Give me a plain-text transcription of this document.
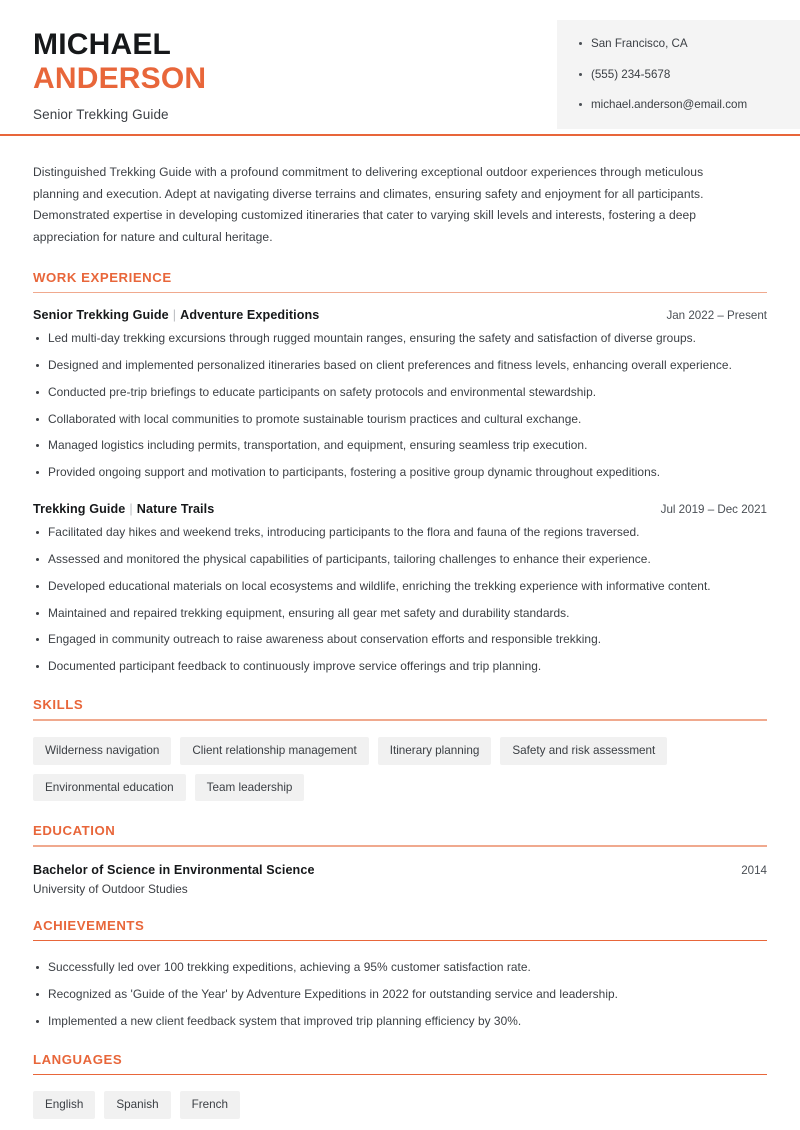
MICHAEL
ANDERSON
Senior Trekking Guide
San Francisco, CA
(555) 234-5678
michael.anderson@email.com

Distinguished Trekking Guide with a profound commitment to delivering exceptional outdoor experiences through meticulous planning and execution. Adept at navigating diverse terrains and climates, ensuring safety and enjoyment for all participants. Demonstrated expertise in developing customized itineraries that cater to varying skill levels and interests, fostering a deep appreciation for nature and cultural heritage.

WORK EXPERIENCE
Senior Trekking Guide | Adventure Expeditions	Jan 2022 – Present
Led multi-day trekking excursions through rugged mountain ranges, ensuring the safety and satisfaction of diverse groups.
Designed and implemented personalized itineraries based on client preferences and fitness levels, enhancing overall experience.
Conducted pre-trip briefings to educate participants on safety protocols and environmental stewardship.
Collaborated with local communities to promote sustainable tourism practices and cultural exchange.
Managed logistics including permits, transportation, and equipment, ensuring seamless trip execution.
Provided ongoing support and motivation to participants, fostering a positive group dynamic throughout expeditions.
Trekking Guide | Nature Trails	Jul 2019 – Dec 2021
Facilitated day hikes and weekend treks, introducing participants to the flora and fauna of the regions traversed.
Assessed and monitored the physical capabilities of participants, tailoring challenges to enhance their experience.
Developed educational materials on local ecosystems and wildlife, enriching the trekking experience with informative content.
Maintained and repaired trekking equipment, ensuring all gear met safety and durability standards.
Engaged in community outreach to raise awareness about conservation efforts and responsible trekking.
Documented participant feedback to continuously improve service offerings and trip planning.
SKILLS
Wilderness navigation	Client relationship management	Itinerary planning	Safety and risk assessment
Environmental education	Team leadership
EDUCATION
Bachelor of Science in Environmental Science	2014
University of Outdoor Studies
ACHIEVEMENTS
Successfully led over 100 trekking expeditions, achieving a 95% customer satisfaction rate.
Recognized as 'Guide of the Year' by Adventure Expeditions in 2022 for outstanding service and leadership.
Implemented a new client feedback system that improved trip planning efficiency by 30%.
LANGUAGES
English	Spanish	French
